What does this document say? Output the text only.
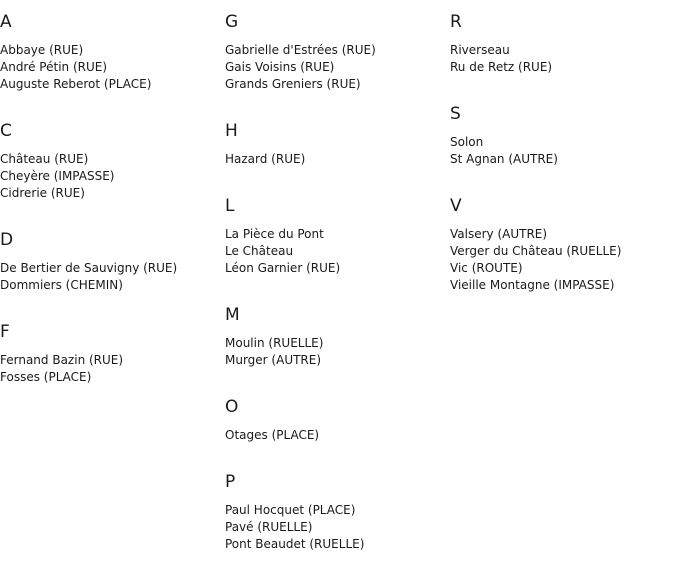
A
Abbaye (RUE)
André Pétin (RUE)
Auguste Reberot (PLACE)
C
Château (RUE)
Cheyère (IMPASSE)
Cidrerie (RUE)
D
De Bertier de Sauvigny (RUE)
Dommiers (CHEMIN)
F
Fernand Bazin (RUE)
Fosses (PLACE)
G
Gabrielle d'Estrées (RUE)
Gais Voisins (RUE)
Grands Greniers (RUE)
H
Hazard (RUE)
L
La Pièce du Pont
Le Château
Léon Garnier (RUE)
M
Moulin (RUELLE)
Murger (AUTRE)
O
Otages (PLACE)
P
Paul Hocquet (PLACE)
Pavé (RUELLE)
Pont Beaudet (RUELLE)
R
Riverseau
Ru de Retz (RUE)
S
Solon
St Agnan (AUTRE)
V
Valsery (AUTRE)
Verger du Château (RUELLE)
Vic (ROUTE)
Vieille Montagne (IMPASSE)
